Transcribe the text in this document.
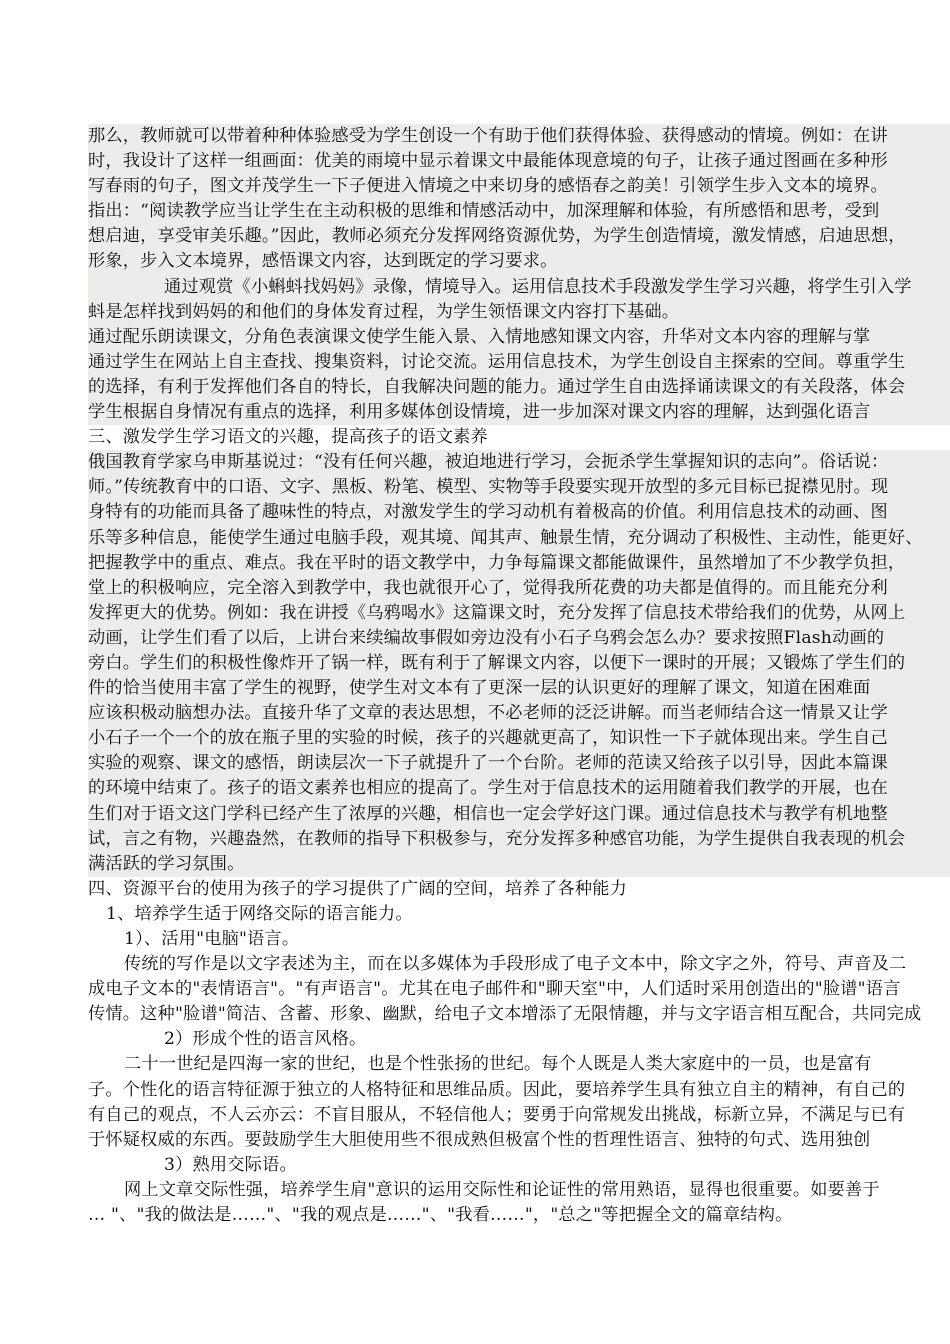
那么，教师就可以带着种种体验感受为学生创设一个有助于他们获得体验、获得感动的情境。例如：在讲
时，我设计了这样一组画面：优美的雨境中显示着课文中最能体现意境的句子，让孩子通过图画在多种形
写春雨的句子，图文并茂学生一下子便进入情境之中来切身的感悟春之韵美！引领学生步入文本的境界。
指出：“阅读教学应当让学生在主动积极的思维和情感活动中，加深理解和体验，有所感悟和思考，受到
想启迪，享受审美乐趣。”因此，教师必须充分发挥网络资源优势，为学生创造情境，激发情感，启迪思想，
形象，步入文本境界，感悟课文内容，达到既定的学习要求。
通过观赏《小蝌蚪找妈妈》录像，情境导入。运用信息技术手段激发学生学习兴趣，将学生引入学
蚪是怎样找到妈妈的和他们的身体发育过程，为学生领悟课文内容打下基础。
通过配乐朗读课文，分角色表演课文使学生能入景、入情地感知课文内容，升华对文本内容的理解与掌
通过学生在网站上自主查找、搜集资料，讨论交流。运用信息技术，为学生创设自主探索的空间。尊重学生
的选择，有利于发挥他们各自的特长，自我解决问题的能力。通过学生自由选择诵读课文的有关段落，体会
学生根据自身情况有重点的选择，利用多媒体创设情境，进一步加深对课文内容的理解，达到强化语言
三、激发学生学习语文的兴趣，提高孩子的语文素养
俄国教育学家乌申斯基说过：“没有任何兴趣，被迫地进行学习，会扼杀学生掌握知识的志向”。俗话说：
师。”传统教育中的口语、文字、黑板、粉笔、模型、实物等手段要实现开放型的多元目标已捉襟见肘。现
身特有的功能而具备了趣味性的特点，对激发学生的学习动机有着极高的价值。利用信息技术的动画、图
乐等多种信息，能使学生通过电脑手段，观其境、闻其声、触景生情，充分调动了积极性、主动性，能更好、
把握教学中的重点、难点。我在平时的语文教学中，力争每篇课文都能做课件，虽然增加了不少教学负担，
堂上的积极响应，完全溶入到教学中，我也就很开心了，觉得我所花费的功夫都是值得的。而且能充分利
发挥更大的优势。例如：我在讲授《乌鸦喝水》这篇课文时，充分发挥了信息技术带给我们的优势，从网上
动画，让学生们看了以后，上讲台来续编故事假如旁边没有小石子乌鸦会怎么办？要求按照Flash动画的
旁白。学生们的积极性像炸开了锅一样，既有利于了解课文内容，以便下一课时的开展；又锻炼了学生们的
件的恰当使用丰富了学生的视野，使学生对文本有了更深一层的认识更好的理解了课文，知道在困难面
应该积极动脑想办法。直接升华了文章的表达思想，不必老师的泛泛讲解。而当老师结合这一情景又让学
小石子一个一个的放在瓶子里的实验的时候，孩子的兴趣就更高了，知识性一下子就体现出来。学生自己
实验的观察、课文的感悟，朗读层次一下子就提升了一个台阶。老师的范读又给孩子以引导，因此本篇课
的环境中结束了。孩子的语文素养也相应的提高了。学生对于信息技术的运用随着我们教学的开展，也在
生们对于语文这门学科已经产生了浓厚的兴趣，相信也一定会学好这门课。通过信息技术与教学有机地整
试，言之有物，兴趣盎然，在教师的指导下积极参与，充分发挥多种感官功能，为学生提供自我表现的机会
满活跃的学习氛围。
四、资源平台的使用为孩子的学习提供了广阔的空间，培养了各种能力
1、培养学生适于网络交际的语言能力。
1）、活用"电脑"语言。
传统的写作是以文字表述为主，而在以多媒体为手段形成了电子文本中，除文字之外，符号、声音及二
成电子文本的"表情语言"。"有声语言"。尤其在电子邮件和"聊天室"中，人们适时采用创造出的"脸谱"语言
传情。这种"脸谱"简洁、含蓄、形象、幽默，给电子文本增添了无限情趣，并与文字语言相互配合，共同完成
2）形成个性的语言风格。
二十一世纪是四海一家的世纪，也是个性张扬的世纪。每个人既是人类大家庭中的一员，也是富有
子。个性化的语言特征源于独立的人格特征和思维品质。因此，要培养学生具有独立自主的精神，有自己的
有自己的观点，不人云亦云：不盲目服从，不轻信他人；要勇于向常规发出挑战，标新立异，不满足与已有
于怀疑权威的东西。要鼓励学生大胆使用些不很成熟但极富个性的哲理性语言、独特的句式、选用独创
3）熟用交际语。
网上文章交际性强，培养学生肩"意识的运用交际性和论证性的常用熟语，显得也很重要。如要善于
… "、"我的做法是……"、"我的观点是……"、"我看……"，"总之"等把握全文的篇章结构。
